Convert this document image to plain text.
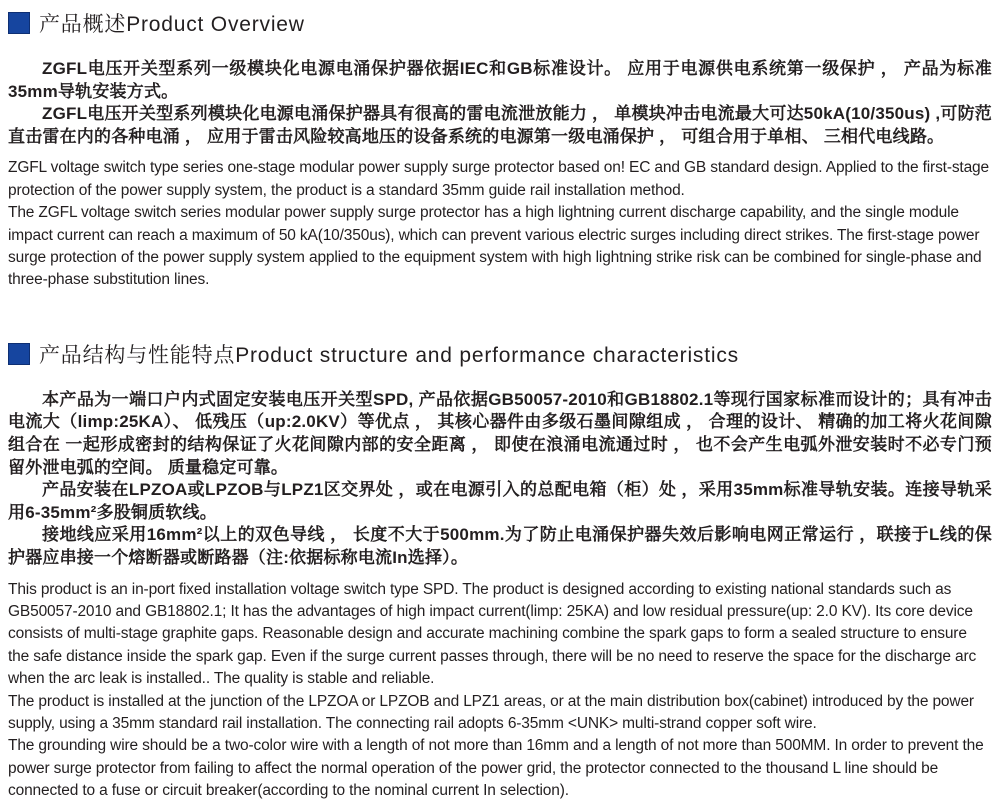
产品概述Product Overview

ZGFL电压开关型系列一级模块化电源电涌保护器依据IEC和GB标准设计。 应用于电源供电系统第一级保护 ， 产品为标准35mm导轨安装方式。

ZGFL电压开关型系列模块化电源电涌保护器具有很高的雷电流泄放能力 ， 单模块冲击电流最大可达50kA(10/350us) ,可防范直击雷在内的各种电涌 ， 应用于雷击风险较高地压的设备系统的电源第一级电涌保护 ， 可组合用于单相、 三相代电线路。

ZGFL voltage switch type series one-stage modular power supply surge protector based on! EC and GB standard design. Applied to the first-stage protection of the power supply system, the product is a standard 35mm guide rail installation method.

The ZGFL voltage switch series modular power supply surge protector has a high lightning current discharge capability, and the single module impact current can reach a maximum of 50 kA(10/350us), which can prevent various electric surges including direct strikes. The first-stage power surge protection of the power supply system applied to the equipment system with high lightning strike risk can be combined for single-phase and three-phase substitution lines.

产品结构与性能特点Product structure and performance characteristics

本产品为一端口户内式固定安装电压开关型SPD, 产品依据GB50057-2010和GB18802.1等现行国家标准而设计的；具有冲击电流大（limp:25KA）、 低残压（up:2.0KV）等优点 ， 其核心器件由多级石墨间隙组成 ， 合理的设计、 精确的加工将火花间隙组合在 一起形成密封的结构保证了火花间隙内部的安全距离 ， 即使在浪涌电流通过时 ， 也不会产生电弧外泄安装时不必专门预留外泄电弧的空间。 质量稳定可靠。

产品安装在LPZOA或LPZOB与LPZ1区交界处 ，或在电源引入的总配电箱（柜）处 ，采用35mm标准导轨安装。连接导轨采用6-35mm²多股铜质软线。

接地线应采用16mm²以上的双色导线 ， 长度不大于500mm.为了防止电涌保护器失效后影响电网正常运行 ，联接于L线的保护器应串接一个熔断器或断路器（注:依据标称电流In选择）。

This product is an in-port fixed installation voltage switch type SPD. The product is designed according to existing national standards such as GB50057-2010 and GB18802.1; It has the advantages of high impact current(limp: 25KA) and low residual pressure(up: 2.0 KV). Its core device consists of multi-stage graphite gaps. Reasonable design and accurate machining combine the spark gaps to form a sealed structure to ensure the safe distance inside the spark gap. Even if the surge current passes through, there will be no need to reserve the space for the discharge arc when the arc leak is installed.. The quality is stable and reliable.

The product is installed at the junction of the LPZOA or LPZOB and LPZ1 areas, or at the main distribution box(cabinet) introduced by the power supply, using a 35mm standard rail installation. The connecting rail adopts 6-35mm <UNK> multi-strand copper soft wire.

The grounding wire should be a two-color wire with a length of not more than 16mm and a length of not more than 500MM. In order to prevent the power surge protector from failing to affect the normal operation of the power grid, the protector connected to the thousand L line should be connected to a fuse or circuit breaker(according to the nominal current In selection).
